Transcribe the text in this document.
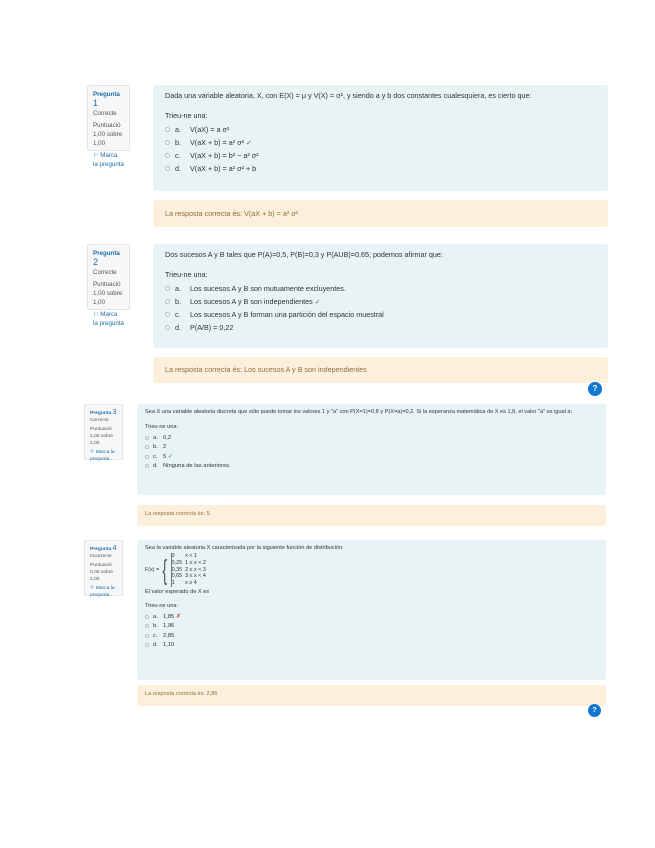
Pregunta 1
Correcte
Puntuació 1,00 sobre 1,00
⚐ Marca la pregunta
Dada una variable aleatoria, X, con E(X) = μ y V(X) = σ², y siendo a y b dos constantes cualesquiera, es cierto que:
Trieu-ne una:
a.	V(aX) = a σ²
b.	V(aX + b) = a² σ²
✓
c.	V(aX + b) = b² − a² σ²
d.	V(aX + b) = a² σ² + b
La resposta correcta és: V(aX + b) = a² σ²
Pregunta 2
Correcte
Puntuació 1,00 sobre 1,00
⚐ Marca la pregunta
Dos sucesos A y B tales que P(A)=0,5, P(B)=0,3 y P(AUB)=0,65, podemos afirmar que:
Trieu-ne una:
a.	Los sucesos A y B son mutuamente excluyentes.
b.	Los sucesos A y B son independientes
✓
c.	Los sucesos A y B forman una partición del espacio muestral
d.	P(A/B) = 0,22
La resposta correcta és: Los sucesos A y B son independientes
?
Pregunta 3
Correcte
Puntuació 1,00 sobre 1,00
⚐ Marca la pregunta
Sea X una variable aleatoria discreta que sólo puede tomar los valores 1 y "a" con P(X=1)=0,8 y P(X=a)=0,2. Si la esperanza matemática de X es 1,8, el valor "a" es igual a:
Trieu-ne una:
a. 0,2
b. 2
c. 5
✓
d. Ninguna de las anteriores.
La resposta correcta és: 5
Pregunta 4
Incorrecte
Puntuació 0,00 sobre 1,00
⚐ Marca la pregunta
Sea la variable aleatoria X caracterizada por la siguiente función de distribución:
F(x) = { 0	x < 1
0,25	1 ≤ x < 2
0,35	2 ≤ x < 3
0,65	3 ≤ x < 4
1	x ≥ 4
El valor esperado de X es
Trieu-ne una:
a. 1,85
✗
b. 1,96
c. 2,85
d. 1,10
La resposta correcta és: 2,85
?
